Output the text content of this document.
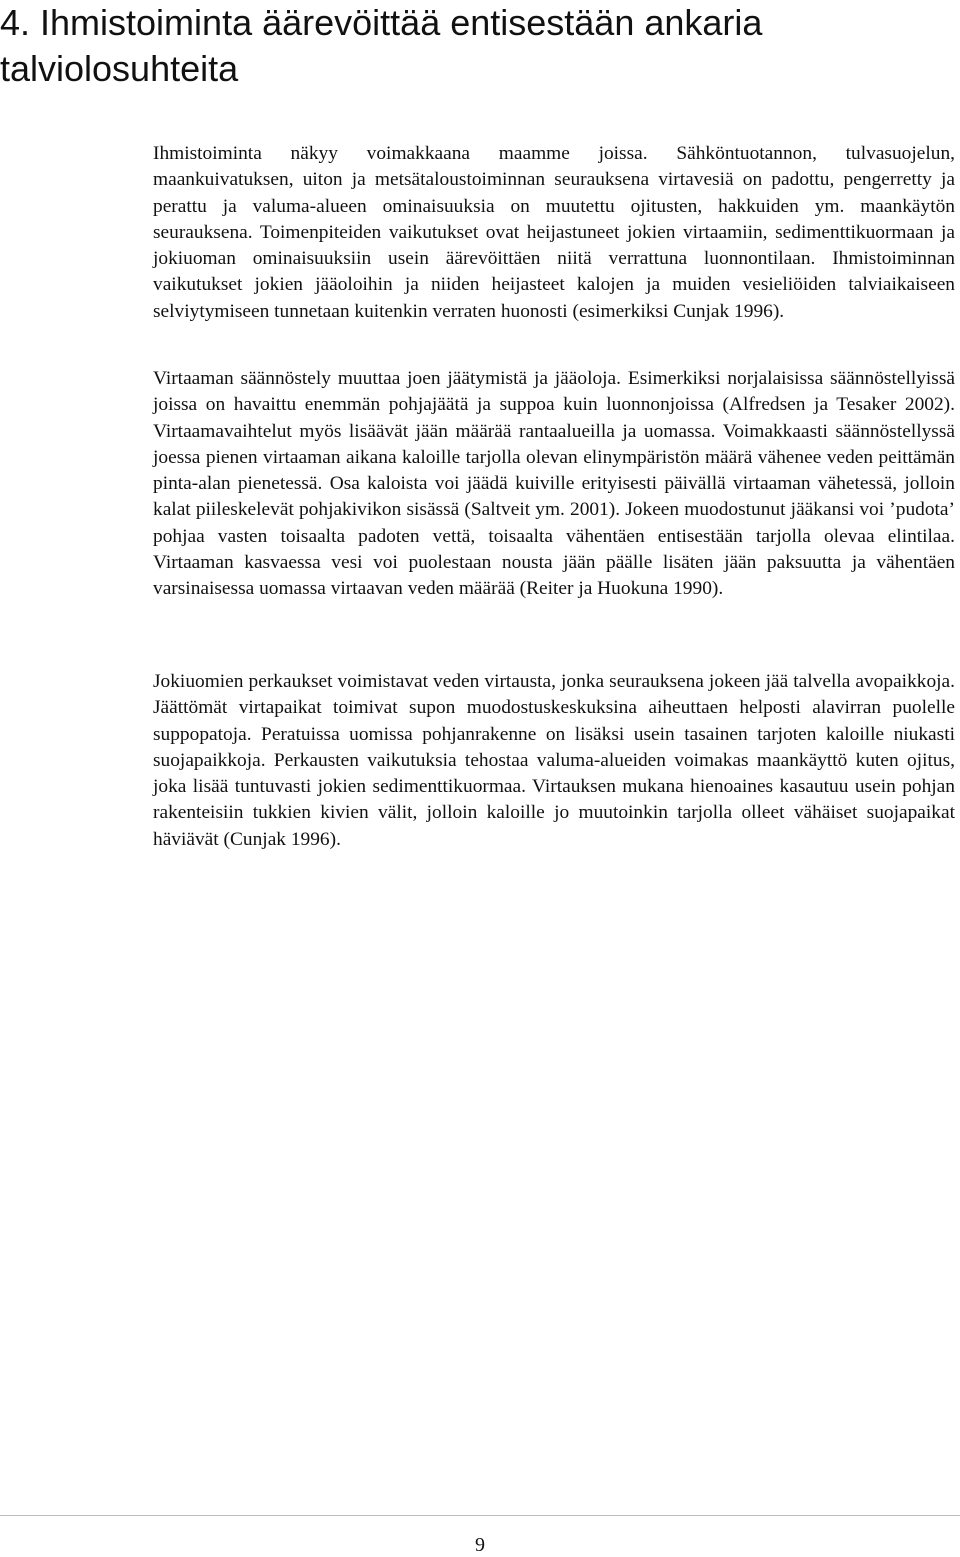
4. Ihmistoiminta äärevöittää entisestään ankaria talviolosuhteita

Ihmistoiminta näkyy voimakkaana maamme joissa. Sähköntuotannon, tulvasuojelun, maankuivatuksen, uiton ja metsätaloustoiminnan seurauksena virtavesiä on padottu, pengerretty ja perattu ja valuma-alueen ominaisuuksia on muutettu ojitusten, hakkuiden ym. maankäytön seurauksena. Toimenpiteiden vaikutukset ovat heijastuneet jokien virtaamiin, sedimenttikuormaan ja jokiuoman ominaisuuksiin usein äärevöittäen niitä verrattuna luonnontilaan. Ihmistoiminnan vaikutukset jokien jääoloihin ja niiden heijasteet kalojen ja muiden vesieliöiden talviaikaiseen selviytymiseen tunnetaan kuitenkin verraten huonosti (esimerkiksi Cunjak 1996).

Virtaaman säännöstely muuttaa joen jäätymistä ja jääoloja. Esimerkiksi norjalaisissa säännöstellyissä joissa on havaittu enemmän pohjajäätä ja suppoa kuin luonnonjoissa (Alfredsen ja Tesaker 2002). Virtaamavaihtelut myös lisäävät jään määrää rantaalueilla ja uomassa. Voimakkaasti säännöstellyssä joessa pienen virtaaman aikana kaloille tarjolla olevan elinympäristön määrä vähenee veden peittämän pinta-alan pienetessä. Osa kaloista voi jäädä kuiville erityisesti päivällä virtaaman vähetessä, jolloin kalat piileskelevät pohjakivikon sisässä (Saltveit ym. 2001). Jokeen muodostunut jääkansi voi ’pudota’ pohjaa vasten toisaalta padoten vettä, toisaalta vähentäen entisestään tarjolla olevaa elintilaa. Virtaaman kasvaessa vesi voi puolestaan nousta jään päälle lisäten jään paksuutta ja vähentäen varsinaisessa uomassa virtaavan veden määrää (Reiter ja Huokuna 1990).

Jokiuomien perkaukset voimistavat veden virtausta, jonka seurauksena jokeen jää talvella avopaikkoja. Jäättömät virtapaikat toimivat supon muodostuskeskuksina aiheuttaen helposti alavirran puolelle suppopatoja. Peratuissa uomissa pohjanrakenne on lisäksi usein tasainen tarjoten kaloille niukasti suojapaikkoja. Perkausten vaikutuksia tehostaa valuma-alueiden voimakas maankäyttö kuten ojitus, joka lisää tuntuvasti jokien sedimenttikuormaa. Virtauksen mukana hienoaines kasautuu usein pohjan rakenteisiin tukkien kivien välit, jolloin kaloille jo muutoinkin tarjolla olleet vähäiset suojapaikat häviävät (Cunjak 1996).

9
